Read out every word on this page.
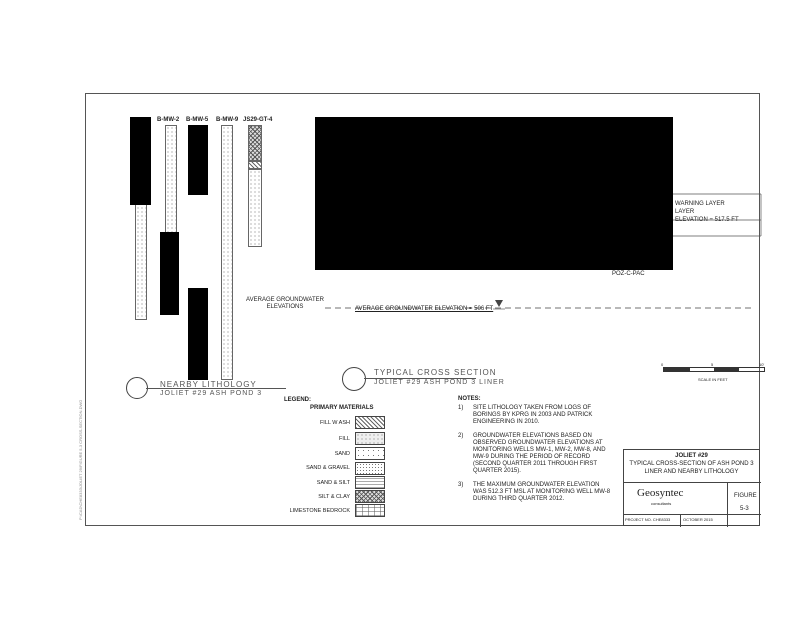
B-MW-2 B-MW-5 B-MW-9 JS29-GT-4
AVERAGE GROUNDWATER ELEVATIONS	AVERAGE GROUNDWATER ELEVATION = 506 FT
WARNING LAYER
LAYER
ELEVATION = 517.5 FT
POZ-C-PAC
0	5	10'
SCALE IN FEET
NEARBY LITHOLOGY
JOLIET #29 ASH POND 3
TYPICAL CROSS SECTION
JOLIET #29 ASH POND 3 LINER
LEGEND:
PRIMARY MATERIALS
FILL W ASH
FILL
SAND
SAND & GRAVEL
SAND & SILT
SILT & CLAY
LIMESTONE BEDROCK
NOTES:
1) SITE LITHOLOGY TAKEN FROM LOGS OF
BORINGS BY KPRG IN 2003 AND PATRICK
ENGINEERING IN 2010.
2) GROUNDWATER ELEVATIONS BASED ON
OBSERVED GROUNDWATER ELEVATIONS AT
MONITORING WELLS MW-1, MW-2, MW-8, AND
MW-9 DURING THE PERIOD OF RECORD
(SECOND QUARTER 2011 THROUGH FIRST
QUARTER 2015).
3) THE MAXIMUM GROUNDWATER ELEVATION
WAS 512.3 FT MSL AT MONITORING WELL MW-8
DURING THIRD QUARTER 2012.
JOLIET #29
TYPICAL CROSS-SECTION OF ASH POND 3
LINER AND NEARBY LITHOLOGY
Geosyntec
consultants
FIGURE
5-3
PROJECT NO. CHE8333	OCTOBER 2015
P:\CAD\CHE8333\JOLIET 29\FIGURE 5-3 CROSS-SECTION.DWG
